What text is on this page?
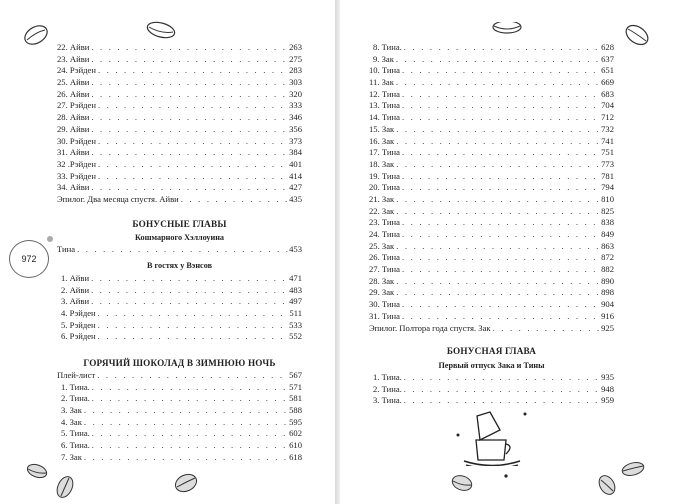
22. Айви . . .	263
23. Айви . . .	275
24. Рэйден . . .	283
25. Айви . . .	303
26. Айви . . .	320
27. Рэйден . . .	333
28. Айви . . .	346
29. Айви . . .	356
30. Рэйден . . .	373
31. Айви . . .	384
32 .Рэйден . . .	401
33. Рэйден . . .	414
34. Айви . . .	427
Эпилог. Два месяца спустя. Айви . . .	435
БОНУСНЫЕ ГЛАВЫ
Кошмарного Хэллоуина
Тина . . .	453
В гостях у Вэнсов
1. Айви . . .	471
2. Айви . . .	483
3. Айви . . .	497
4. Рэйден . . .	511
5. Рэйден . . .	533
6. Рэйден . . .	552
ГОРЯЧИЙ ШОКОЛАД В ЗИМНЮЮ НОЧЬ
Плей-лист . . .	567
1. Тина. . . .	571
2. Тина. . . .	581
3. Зак . . .	588
4. Зак . . .	595
5. Тина. . . .	602
6. Тина. . . .	610
7. Зак . . .	618
972
8. Тина. . . .	628
9. Зак . . .	637
10. Тина . . .	651
11. Зак . . .	669
12. Тина . . .	683
13. Тина . . .	704
14. Тина . . .	712
15. Зак . . .	732
16. Зак . . .	741
17. Тина . . .	751
18. Зак . . .	773
19. Тина . . .	781
20. Тина . . .	794
21. Зак . . .	810
22. Зак . . .	825
23. Тина . . .	838
24. Тина . . .	849
25. Зак . . .	863
26. Тина . . .	872
27. Тина . . .	882
28. Зак . . .	890
29. Зак . . .	898
30. Тина . . .	904
31. Тина . . .	916
Эпилог. Полтора года спустя. Зак . . .	925
БОНУСНАЯ ГЛАВА
Первый отпуск Зака и Тины
1. Тина. . . .	935
2. Тина. . . .	948
3. Тина. . . .	959
